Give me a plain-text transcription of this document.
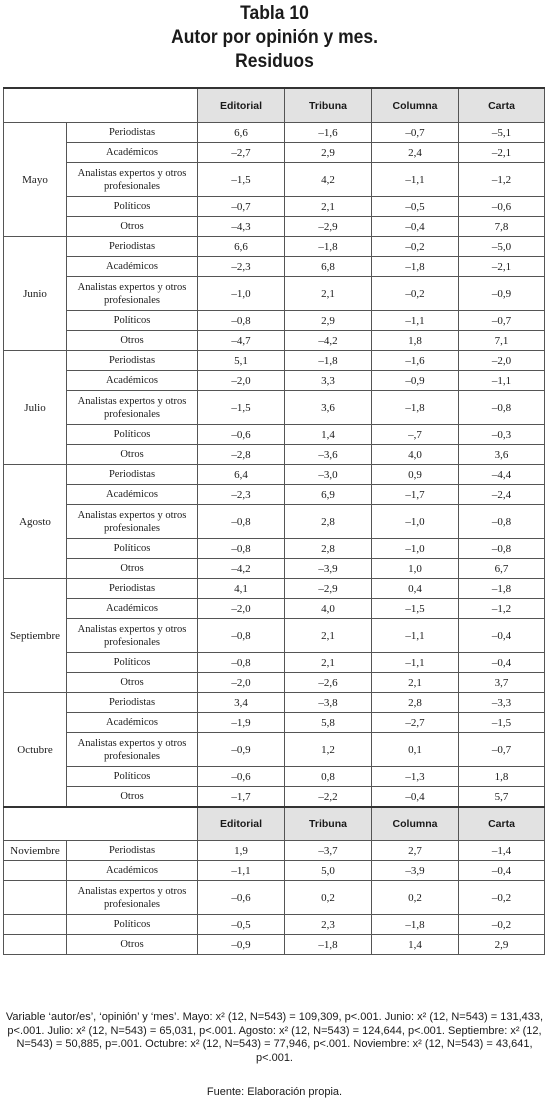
Tabla 10
Autor por opinión y mes.
Residuos
		Editorial	Tribuna	Columna	Carta
Mayo	Periodistas	6,6	–1,6	–0,7	–5,1
	Académicos	–2,7	2,9	2,4	–2,1
	Analistas expertos y otros profesionales	–1,5	4,2	–1,1	–1,2
	Políticos	–0,7	2,1	–0,5	–0,6
	Otros	–4,3	–2,9	–0,4	7,8
Junio	Periodistas	6,6	–1,8	–0,2	–5,0
	Académicos	–2,3	6,8	–1,8	–2,1
	Analistas expertos y otros profesionales	–1,0	2,1	–0,2	–0,9
	Políticos	–0,8	2,9	–1,1	–0,7
	Otros	–4,7	–4,2	1,8	7,1
Julio	Periodistas	5,1	–1,8	–1,6	–2,0
	Académicos	–2,0	3,3	–0,9	–1,1
	Analistas expertos y otros profesionales	–1,5	3,6	–1,8	–0,8
	Políticos	–0,6	1,4	–,7	–0,3
	Otros	–2,8	–3,6	4,0	3,6
Agosto	Periodistas	6,4	–3,0	0,9	–4,4
	Académicos	–2,3	6,9	–1,7	–2,4
	Analistas expertos y otros profesionales	–0,8	2,8	–1,0	–0,8
	Políticos	–0,8	2,8	–1,0	–0,8
	Otros	–4,2	–3,9	1,0	6,7
Septiembre	Periodistas	4,1	–2,9	0,4	–1,8
	Académicos	–2,0	4,0	–1,5	–1,2
	Analistas expertos y otros profesionales	–0,8	2,1	–1,1	–0,4
	Políticos	–0,8	2,1	–1,1	–0,4
	Otros	–2,0	–2,6	2,1	3,7
Octubre	Periodistas	3,4	–3,8	2,8	–3,3
	Académicos	–1,9	5,8	–2,7	–1,5
	Analistas expertos y otros profesionales	–0,9	1,2	0,1	–0,7
	Políticos	–0,6	0,8	–1,3	1,8
	Otros	–1,7	–2,2	–0,4	5,7
		Editorial	Tribuna	Columna	Carta
Noviembre	Periodistas	1,9	–3,7	2,7	–1,4
	Académicos	–1,1	5,0	–3,9	–0,4
	Analistas expertos y otros profesionales	–0,6	0,2	0,2	–0,2
	Políticos	–0,5	2,3	–1,8	–0,2
	Otros	–0,9	–1,8	1,4	2,9
Variable ‘autor/es’, ‘opinión’ y ‘mes’. Mayo: x² (12, N=543) = 109,309, p<.001. Junio: x² (12, N=543) = 131,433, p<.001. Julio: x² (12, N=543) = 65,031, p<.001. Agosto: x² (12, N=543) = 124,644, p<.001. Septiembre: x² (12, N=543) = 50,885, p=.001. Octubre: x² (12, N=543) = 77,946, p<.001. Noviembre: x² (12, N=543) = 43,641, p<.001.
Fuente: Elaboración propia.
